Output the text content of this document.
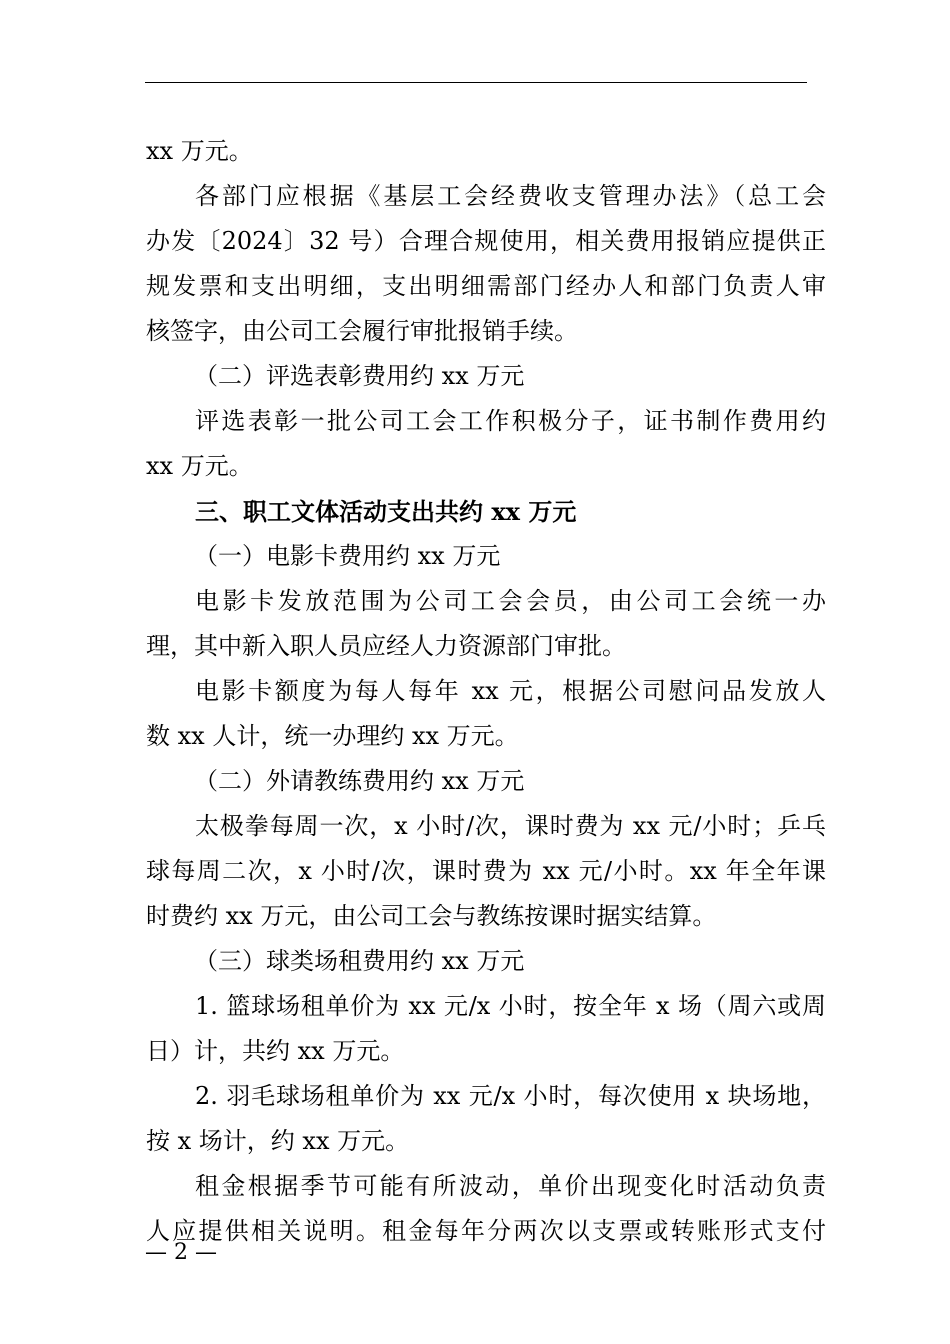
xx 万元。
各部门应根据《基层工会经费收支管理办法》（总工会
办发〔2024〕32 号）合理合规使用，相关费用报销应提供正
规发票和支出明细，支出明细需部门经办人和部门负责人审
核签字，由公司工会履行审批报销手续。
（二）评选表彰费用约 xx 万元
评选表彰一批公司工会工作积极分子，证书制作费用约
xx 万元。
三、职工文体活动支出共约 xx 万元
（一）电影卡费用约 xx 万元
电影卡发放范围为公司工会会员，由公司工会统一办
理，其中新入职人员应经人力资源部门审批。
电影卡额度为每人每年 xx 元，根据公司慰问品发放人
数 xx 人计，统一办理约 xx 万元。
（二）外请教练费用约 xx 万元
太极拳每周一次，x 小时/次，课时费为 xx 元/小时；乒乓
球每周二次，x 小时/次，课时费为 xx 元/小时。xx 年全年课
时费约 xx 万元，由公司工会与教练按课时据实结算。
（三）球类场租费用约 xx 万元
1. 篮球场租单价为 xx 元/x 小时，按全年 x 场（周六或周
日）计，共约 xx 万元。
2. 羽毛球场租单价为 xx 元/x 小时，每次使用 x 块场地，
按 x 场计，约 xx 万元。
租金根据季节可能有所波动，单价出现变化时活动负责
人应提供相关说明。租金每年分两次以支票或转账形式支付
— 2 —
